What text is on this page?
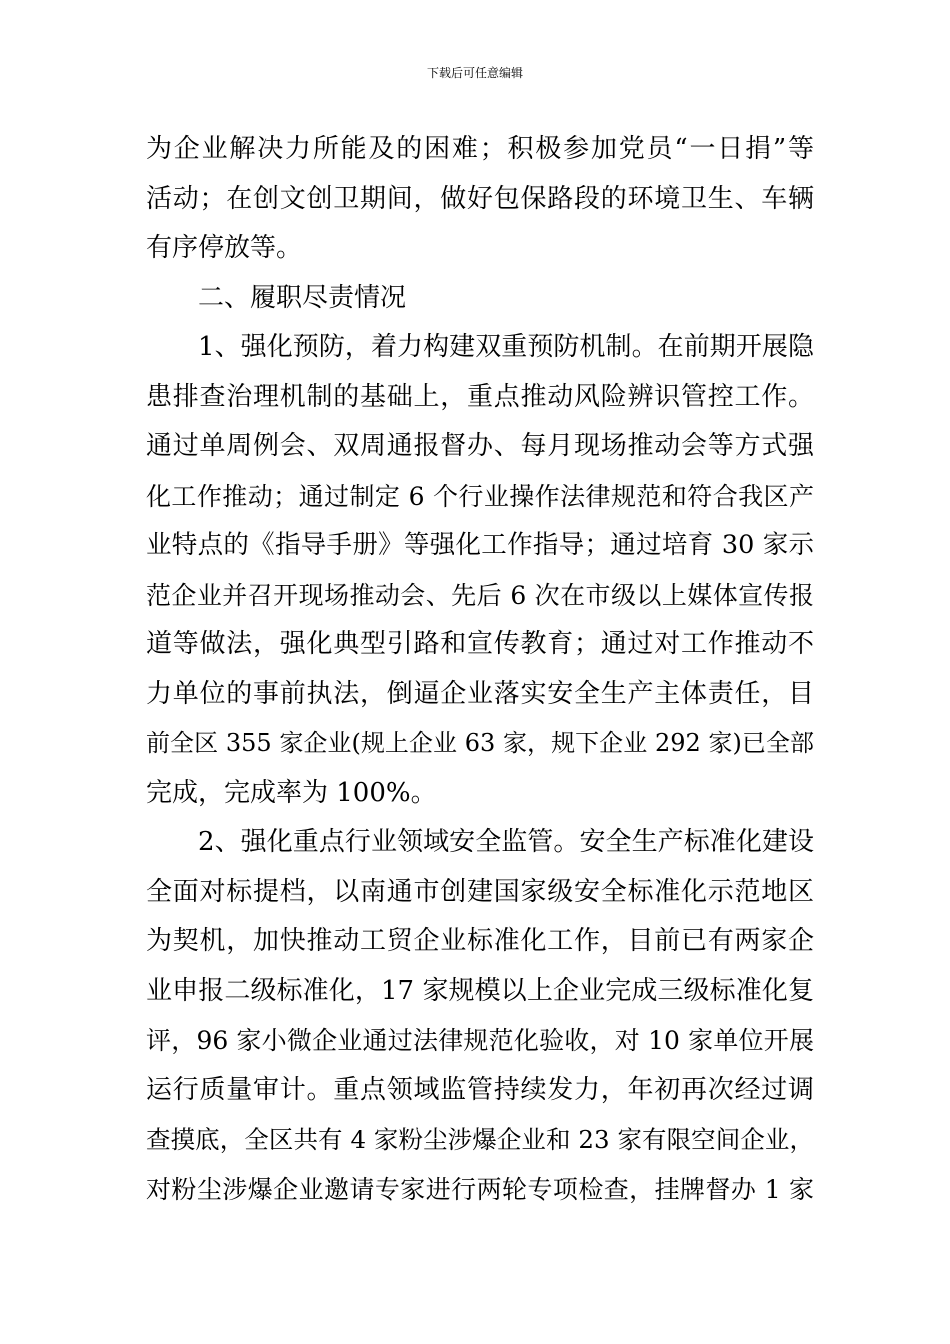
下载后可任意编辑
为企业解决力所能及的困难；积极参加党员“一日捐”等
活动；在创文创卫期间，做好包保路段的环境卫生、车辆
有序停放等。
二、履职尽责情况
1、强化预防，着力构建双重预防机制。在前期开展隐
患排查治理机制的基础上，重点推动风险辨识管控工作。
通过单周例会、双周通报督办、每月现场推动会等方式强
化工作推动；通过制定 6 个行业操作法律规范和符合我区产
业特点的《指导手册》等强化工作指导；通过培育 30 家示
范企业并召开现场推动会、先后 6 次在市级以上媒体宣传报
道等做法，强化典型引路和宣传教育；通过对工作推动不
力单位的事前执法，倒逼企业落实安全生产主体责任，目
前全区 355 家企业(规上企业 63 家，规下企业 292 家)已全部
完成，完成率为 100%。
2、强化重点行业领域安全监管。安全生产标准化建设
全面对标提档，以南通市创建国家级安全标准化示范地区
为契机，加快推动工贸企业标准化工作，目前已有两家企
业申报二级标准化，17 家规模以上企业完成三级标准化复
评，96 家小微企业通过法律规范化验收，对 10 家单位开展
运行质量审计。重点领域监管持续发力，年初再次经过调
查摸底，全区共有 4 家粉尘涉爆企业和 23 家有限空间企业，
对粉尘涉爆企业邀请专家进行两轮专项检查，挂牌督办 1 家
